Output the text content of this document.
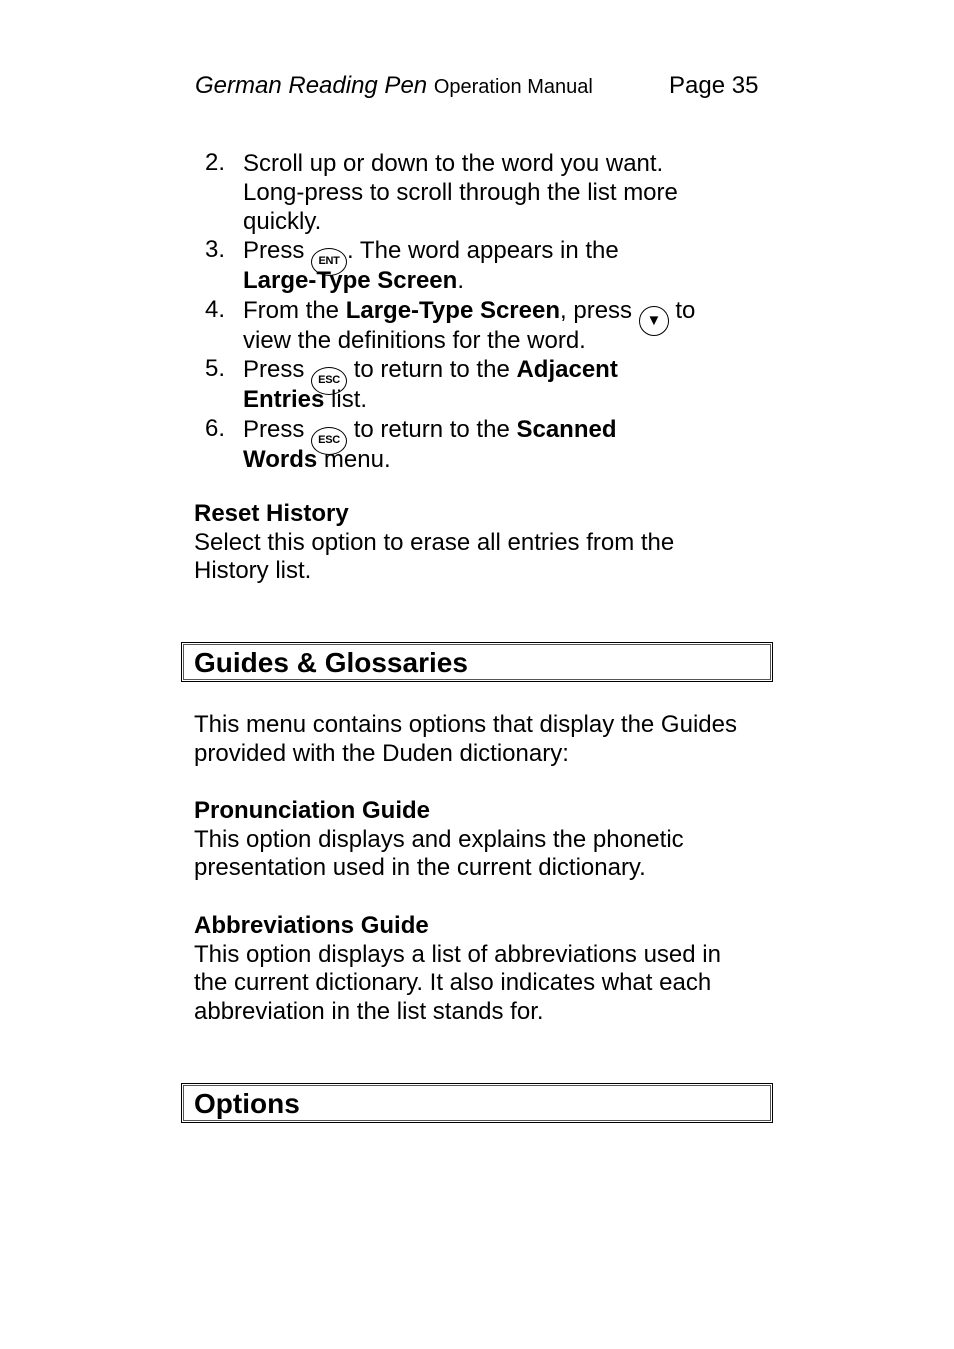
German Reading Pen Operation Manual	Page 35
2. Scroll up or down to the word you want.
Long-press to scroll through the list more
quickly.
3. Press ENT . The word appears in the
Large-Type Screen.
4. From the Large-Type Screen, press ▼ to
view the definitions for the word.
5. Press ESC to return to the Adjacent
Entries list.
6. Press ESC to return to the Scanned
Words menu.
Reset History
Select this option to erase all entries from the
History list.
Guides & Glossaries
This menu contains options that display the Guides
provided with the Duden dictionary:
Pronunciation Guide
This option displays and explains the phonetic
presentation used in the current dictionary.
Abbreviations Guide
This option displays a list of abbreviations used in
the current dictionary. It also indicates what each
abbreviation in the list stands for.
Options
